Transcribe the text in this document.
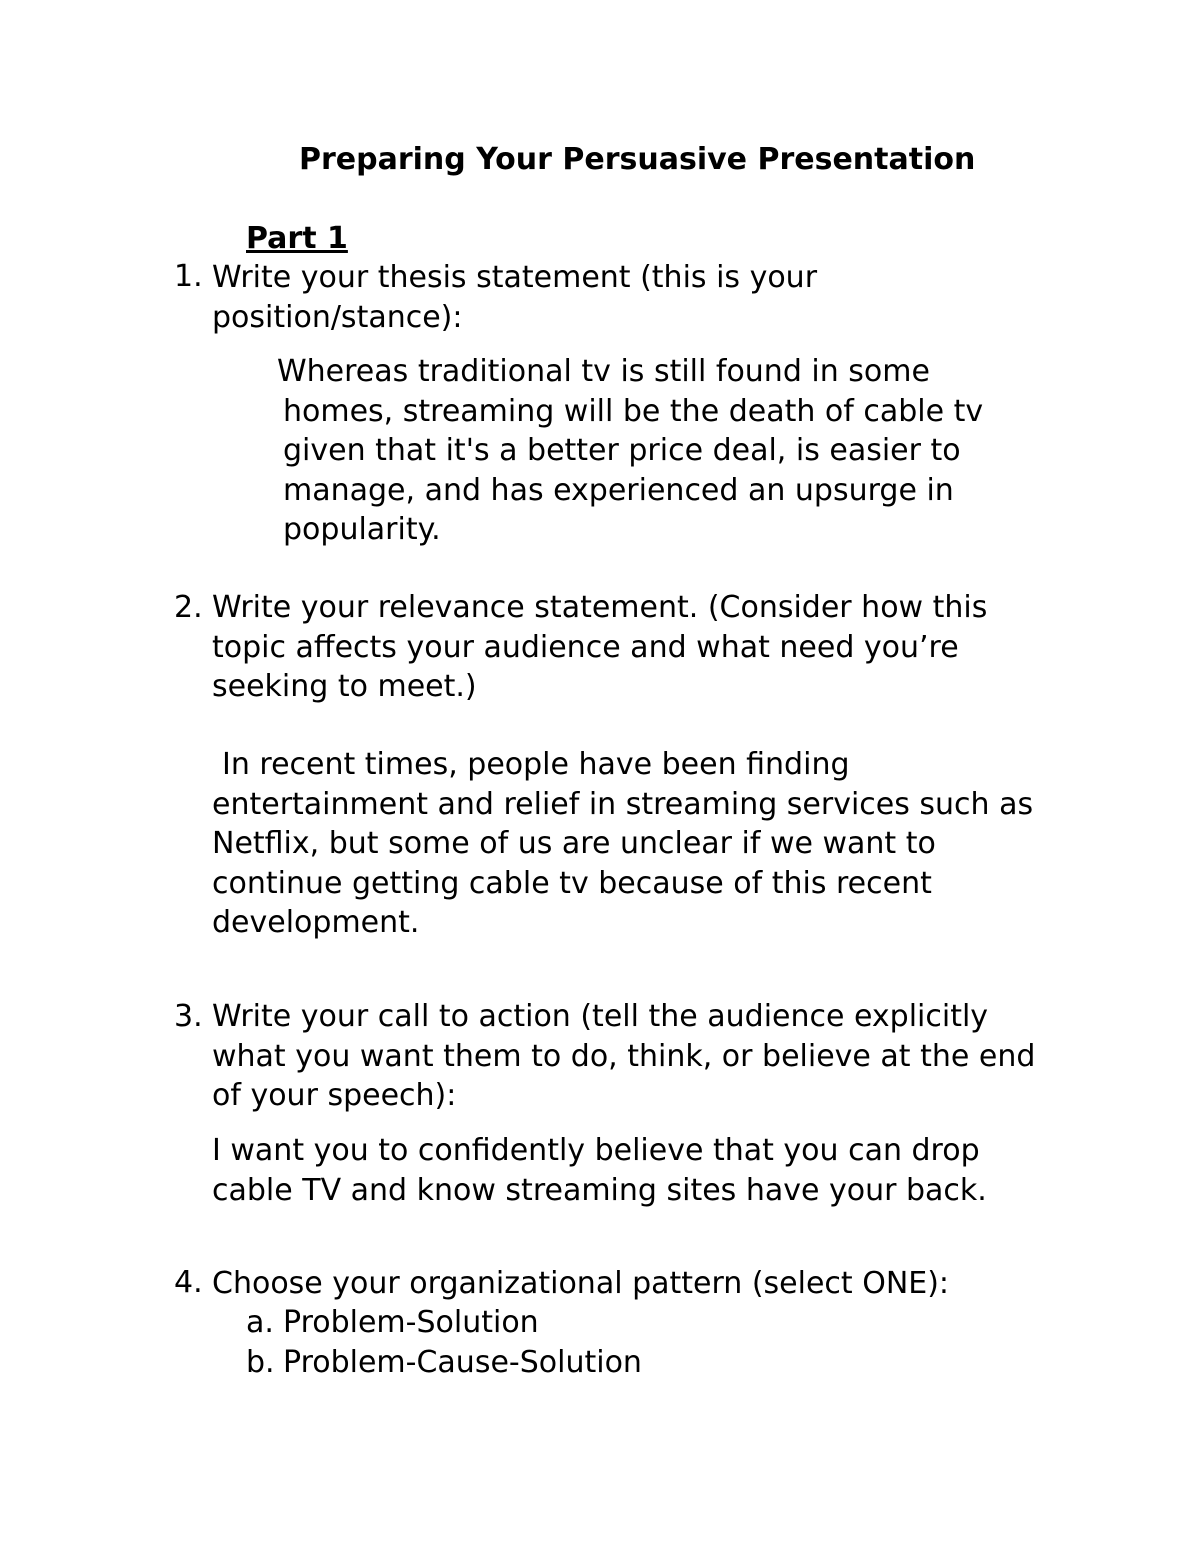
Preparing Your Persuasive Presentation
Part 1
1. Write your thesis statement (this is your position/stance):
Whereas traditional tv is still found in some homes, streaming will be the death of cable tv given that it's a better price deal, is easier to manage, and has experienced an upsurge in popularity.
2. Write your relevance statement. (Consider how this topic affects your audience and what need you’re seeking to meet.)
In recent times, people have been finding entertainment and relief in streaming services such as Netflix, but some of us are unclear if we want to continue getting cable tv because of this recent development.
3. Write your call to action (tell the audience explicitly what you want them to do, think, or believe at the end of your speech):
I want you to confidently believe that you can drop cable TV and know streaming sites have your back.
4. Choose your organizational pattern (select ONE):
a. Problem-Solution
b. Problem-Cause-Solution
